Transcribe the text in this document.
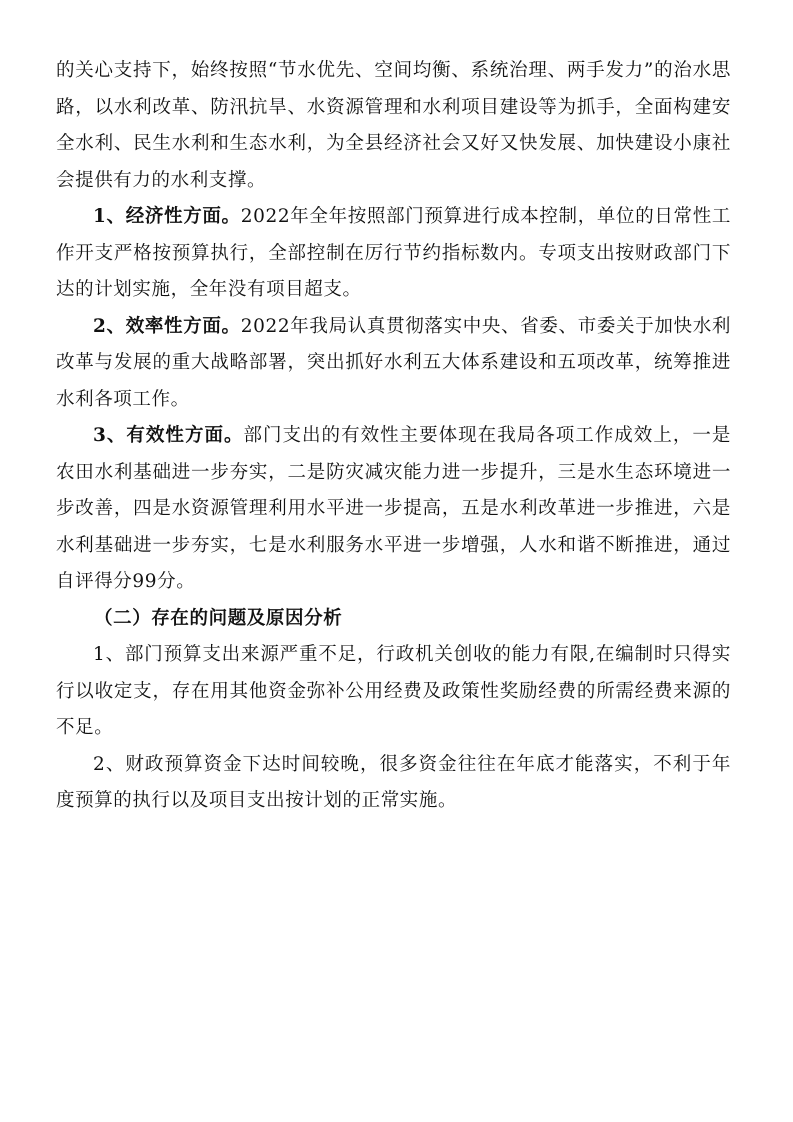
的关心支持下，始终按照“节水优先、空间均衡、系统治理、两手发力”的治水思路，以水利改革、防汛抗旱、水资源管理和水利项目建设等为抓手，全面构建安全水利、民生水利和生态水利，为全县经济社会又好又快发展、加快建设小康社会提供有力的水利支撑。

1、经济性方面。2022年全年按照部门预算进行成本控制，单位的日常性工作开支严格按预算执行，全部控制在厉行节约指标数内。专项支出按财政部门下达的计划实施，全年没有项目超支。

2、效率性方面。2022年我局认真贯彻落实中央、省委、市委关于加快水利改革与发展的重大战略部署，突出抓好水利五大体系建设和五项改革，统筹推进水利各项工作。

3、有效性方面。部门支出的有效性主要体现在我局各项工作成效上，一是农田水利基础进一步夯实，二是防灾减灾能力进一步提升，三是水生态环境进一步改善，四是水资源管理利用水平进一步提高，五是水利改革进一步推进，六是水利基础进一步夯实，七是水利服务水平进一步增强，人水和谐不断推进，通过自评得分99分。

（二）存在的问题及原因分析

1、部门预算支出来源严重不足，行政机关创收的能力有限,在编制时只得实行以收定支，存在用其他资金弥补公用经费及政策性奖励经费的所需经费来源的不足。

2、财政预算资金下达时间较晚，很多资金往往在年底才能落实，不利于年度预算的执行以及项目支出按计划的正常实施。
